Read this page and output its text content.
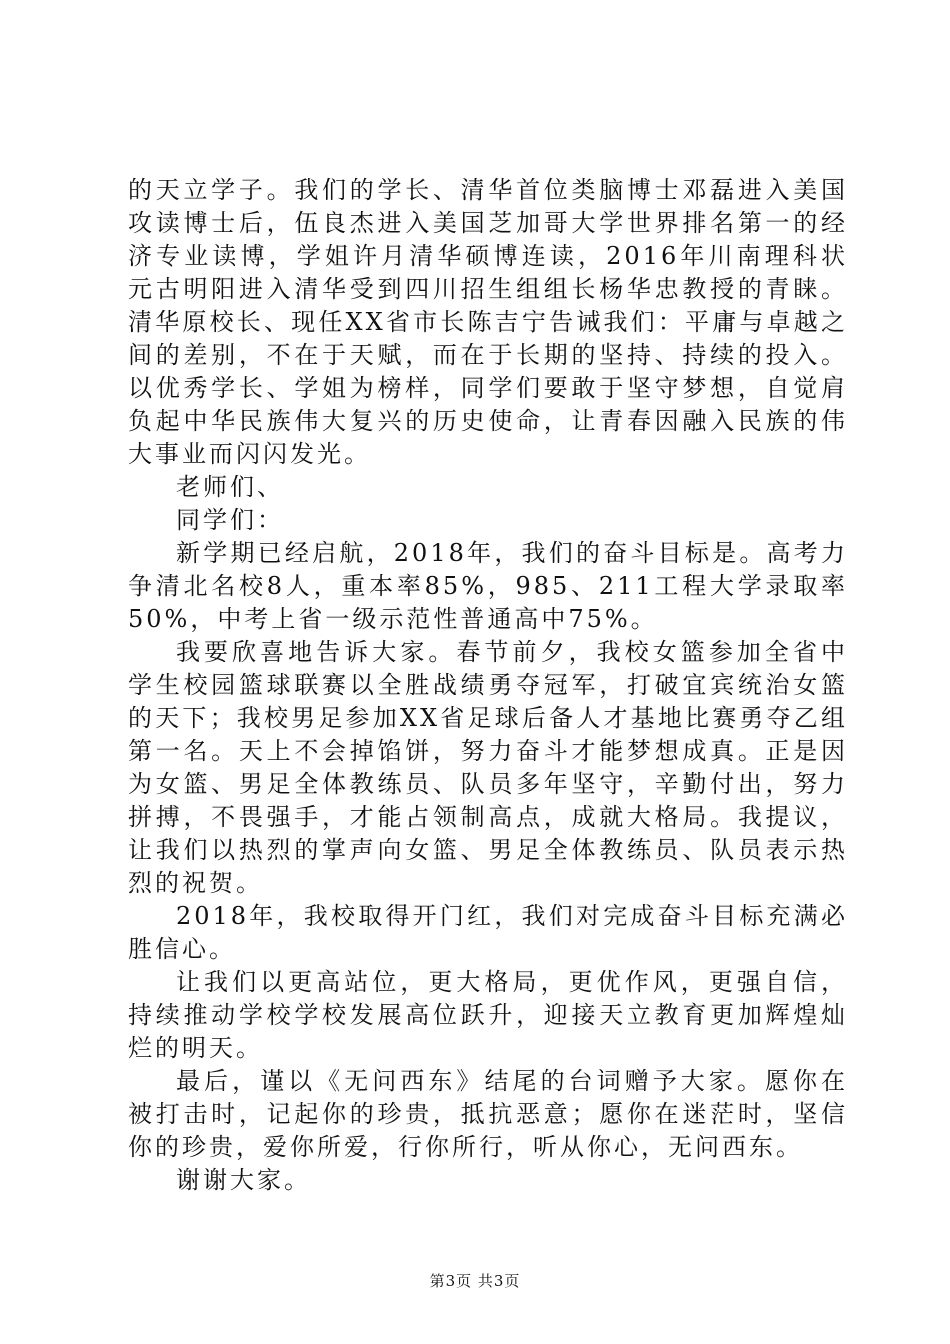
的天立学子。我们的学长、清华首位类脑博士邓磊进入美国攻读博士后，伍良杰进入美国芝加哥大学世界排名第一的经济专业读博，学姐许月清华硕博连读，2016年川南理科状元古明阳进入清华受到四川招生组组长杨华忠教授的青睐。清华原校长、现任XX省市长陈吉宁告诫我们：平庸与卓越之间的差别，不在于天赋，而在于长期的坚持、持续的投入。以优秀学长、学姐为榜样，同学们要敢于坚守梦想，自觉肩负起中华民族伟大复兴的历史使命，让青春因融入民族的伟大事业而闪闪发光。

老师们、

同学们：

新学期已经启航，2018年，我们的奋斗目标是。高考力争清北名校8人，重本率85%，985、211工程大学录取率50%，中考上省一级示范性普通高中75%。

我要欣喜地告诉大家。春节前夕，我校女篮参加全省中学生校园篮球联赛以全胜战绩勇夺冠军，打破宜宾统治女篮的天下；我校男足参加XX省足球后备人才基地比赛勇夺乙组第一名。天上不会掉馅饼，努力奋斗才能梦想成真。正是因为女篮、男足全体教练员、队员多年坚守，辛勤付出，努力拼搏，不畏强手，才能占领制高点，成就大格局。我提议，让我们以热烈的掌声向女篮、男足全体教练员、队员表示热烈的祝贺。

2018年，我校取得开门红，我们对完成奋斗目标充满必胜信心。

让我们以更高站位，更大格局，更优作风，更强自信，持续推动学校学校发展高位跃升，迎接天立教育更加辉煌灿烂的明天。

最后，谨以《无问西东》结尾的台词赠予大家。愿你在被打击时，记起你的珍贵，抵抗恶意；愿你在迷茫时，坚信你的珍贵，爱你所爱，行你所行，听从你心，无问西东。

谢谢大家。

第3页 共3页
